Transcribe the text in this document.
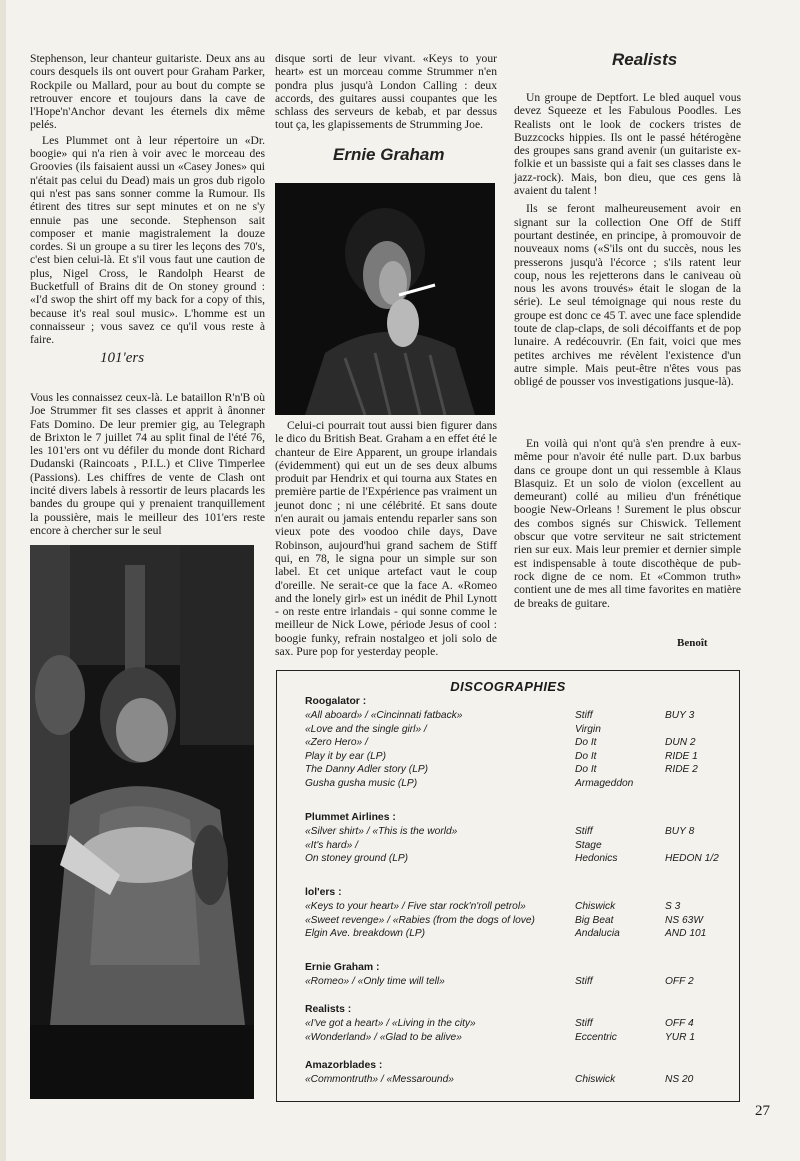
Stephenson, leur chanteur guitariste. Deux ans au cours desquels ils ont ouvert pour Graham Parker, Rockpile ou Mallard, pour au bout du compte se retrouver encore et toujours dans la cave de l'Hope'n'Anchor devant les éternels dix même pelés.

Les Plummet ont à leur répertoire un «Dr. boogie» qui n'a rien à voir avec le morceau des Groovies (ils faisaient aussi un «Casey Jones» qui n'était pas celui du Dead) mais un gros dub rigolo qui n'est pas sans sonner comme la Rumour. Ils étirent des titres sur sept minutes et on ne s'y ennuie pas une seconde. Stephenson sait composer et manie magistralement la douze cordes. Si un groupe a su tirer les leçons des 70's, c'est bien celui-là. Et s'il vous faut une caution de plus, Nigel Cross, le Randolph Hearst de Bucketfull of Brains dit de On stoney ground : «I'd swop the shirt off my back for a copy of this, because it's real soul music». L'homme est un connaisseur ; vous savez ce qu'il vous reste à faire.

101'ers

Vous les connaissez ceux-là. Le bataillon R'n'B où Joe Strummer fit ses classes et apprit à ânonner Fats Domino. De leur premier gig, au Telegraph de Brixton le 7 juillet 74 au split final de l'été 76, les 101'ers ont vu défiler du monde dont Richard Dudanski (Raincoats , P.I.L.) et Clive Timperlee (Passions). Les chiffres de vente de Clash ont incité divers labels à ressortir de leurs placards les bandes du groupe qui y prenaient tranquillement la poussière, mais le meilleur des 101'ers reste encore à chercher sur le seul

disque sorti de leur vivant. «Keys to your heart» est un morceau comme Strummer n'en pondra plus jusqu'à London Calling : deux accords, des guitares aussi coupantes que les schlass des serveurs de kebab, et par dessus tout ça, les glapissements de Strumming Joe.

Ernie Graham
Celui-ci pourrait tout aussi bien figurer dans le dico du British Beat. Graham a en effet été le chanteur de Eire Apparent, un groupe irlandais (évidemment) qui eut un de ses deux albums produit par Hendrix et qui tourna aux States en première partie de l'Expérience pas vraiment un jeunot donc ; ni une célébrité. Et sans doute n'en aurait ou jamais entendu reparler sans son vieux pote des voodoo chile days, Dave Robinson, aujourd'hui grand sachem de Stiff qui, en 78, le signa pour un simple sur son label. Et cet unique artefact vaut le coup d'oreille. Ne serait-ce que la face A. «Romeo and the lonely girl» est un inédit de Phil Lynott - on reste entre irlandais - qui sonne comme le meilleur de Nick Lowe, période Jesus of cool : boogie funky, refrain nostalgeo et joli solo de sax. Pure pop for yesterday people.
Realists

Un groupe de Deptfort. Le bled auquel vous devez Squeeze et les Fabulous Poodles. Les Realists ont le look de cockers tristes de Buzzcocks hippies. Ils ont le passé hétérogène des groupes sans grand avenir (un guitariste ex-folkie et un bassiste qui a fait ses classes dans le jazz-rock). Mais, bon dieu, que ces gens là avaient du talent !

Ils se feront malheureusement avoir en signant sur la collection One Off de Stiff pourtant destinée, en principe, à promouvoir de nouveaux noms («S'ils ont du succès, nous les presserons jusqu'à l'écorce ; s'ils ratent leur coup, nous les rejetterons dans le caniveau où nous les avons trouvés» était le slogan de la série). Le seul témoignage qui nous reste du groupe est donc ce 45 T. avec une face splendide toute de clap-claps, de soli décoiffants et de pop lunaire. A redécouvrir. (En fait, voici que mes petites archives me révèlent l'existence d'un autre simple. Mais peut-être n'êtes vous pas obligé de pousser vos investigations jusque-là).

En voilà qui n'ont qu'à s'en prendre à eux-même pour n'avoir été nulle part. D.ux barbus dans ce groupe dont un qui ressemble à Klaus Blasquiz. Et un solo de violon (excellent au demeurant) collé au milieu d'un frénétique boogie New-Orleans ! Surement le plus obscur des combos signés sur Chiswick. Tellement obscur que votre serviteur ne sait strictement rien sur eux. Mais leur premier et dernier simple est indispensable à toute discothèque de pub-rock digne de ce nom. Et «Common truth» contient une de mes all time favorites en matière de breaks de guitare.

Benoît
DISCOGRAPHIES
Roogalator :
«All aboard» / «Cincinnati fatback»	Stiff	BUY 3
«Love and the single girl» /	Virgin
«Zero Hero» /	Do It	DUN 2
Play it by ear (LP)	Do It	RIDE 1
The Danny Adler story (LP)	Do It	RIDE 2
Gusha gusha music (LP)	Armageddon
Plummet Airlines :
«Silver shirt» / «This is the world»	Stiff	BUY 8
«It's hard» /	Stage
On stoney ground (LP)	Hedonics	HEDON 1/2
lol'ers :
«Keys to your heart» / Five star rock'n'roll petrol»	Chiswick	S 3
«Sweet revenge» / «Rabies (from the dogs of love)	Big Beat	NS 63W
Elgin Ave. breakdown (LP)	Andalucia	AND 101
Ernie Graham :
«Romeo» / «Only time will tell»	Stiff	OFF 2
Realists :
«I've got a heart» / «Living in the city»	Stiff	OFF 4
«Wonderland» / «Glad to be alive»	Eccentric	YUR 1
Amazorblades :
«Commontruth» / «Messaround»	Chiswick	NS 20
27
